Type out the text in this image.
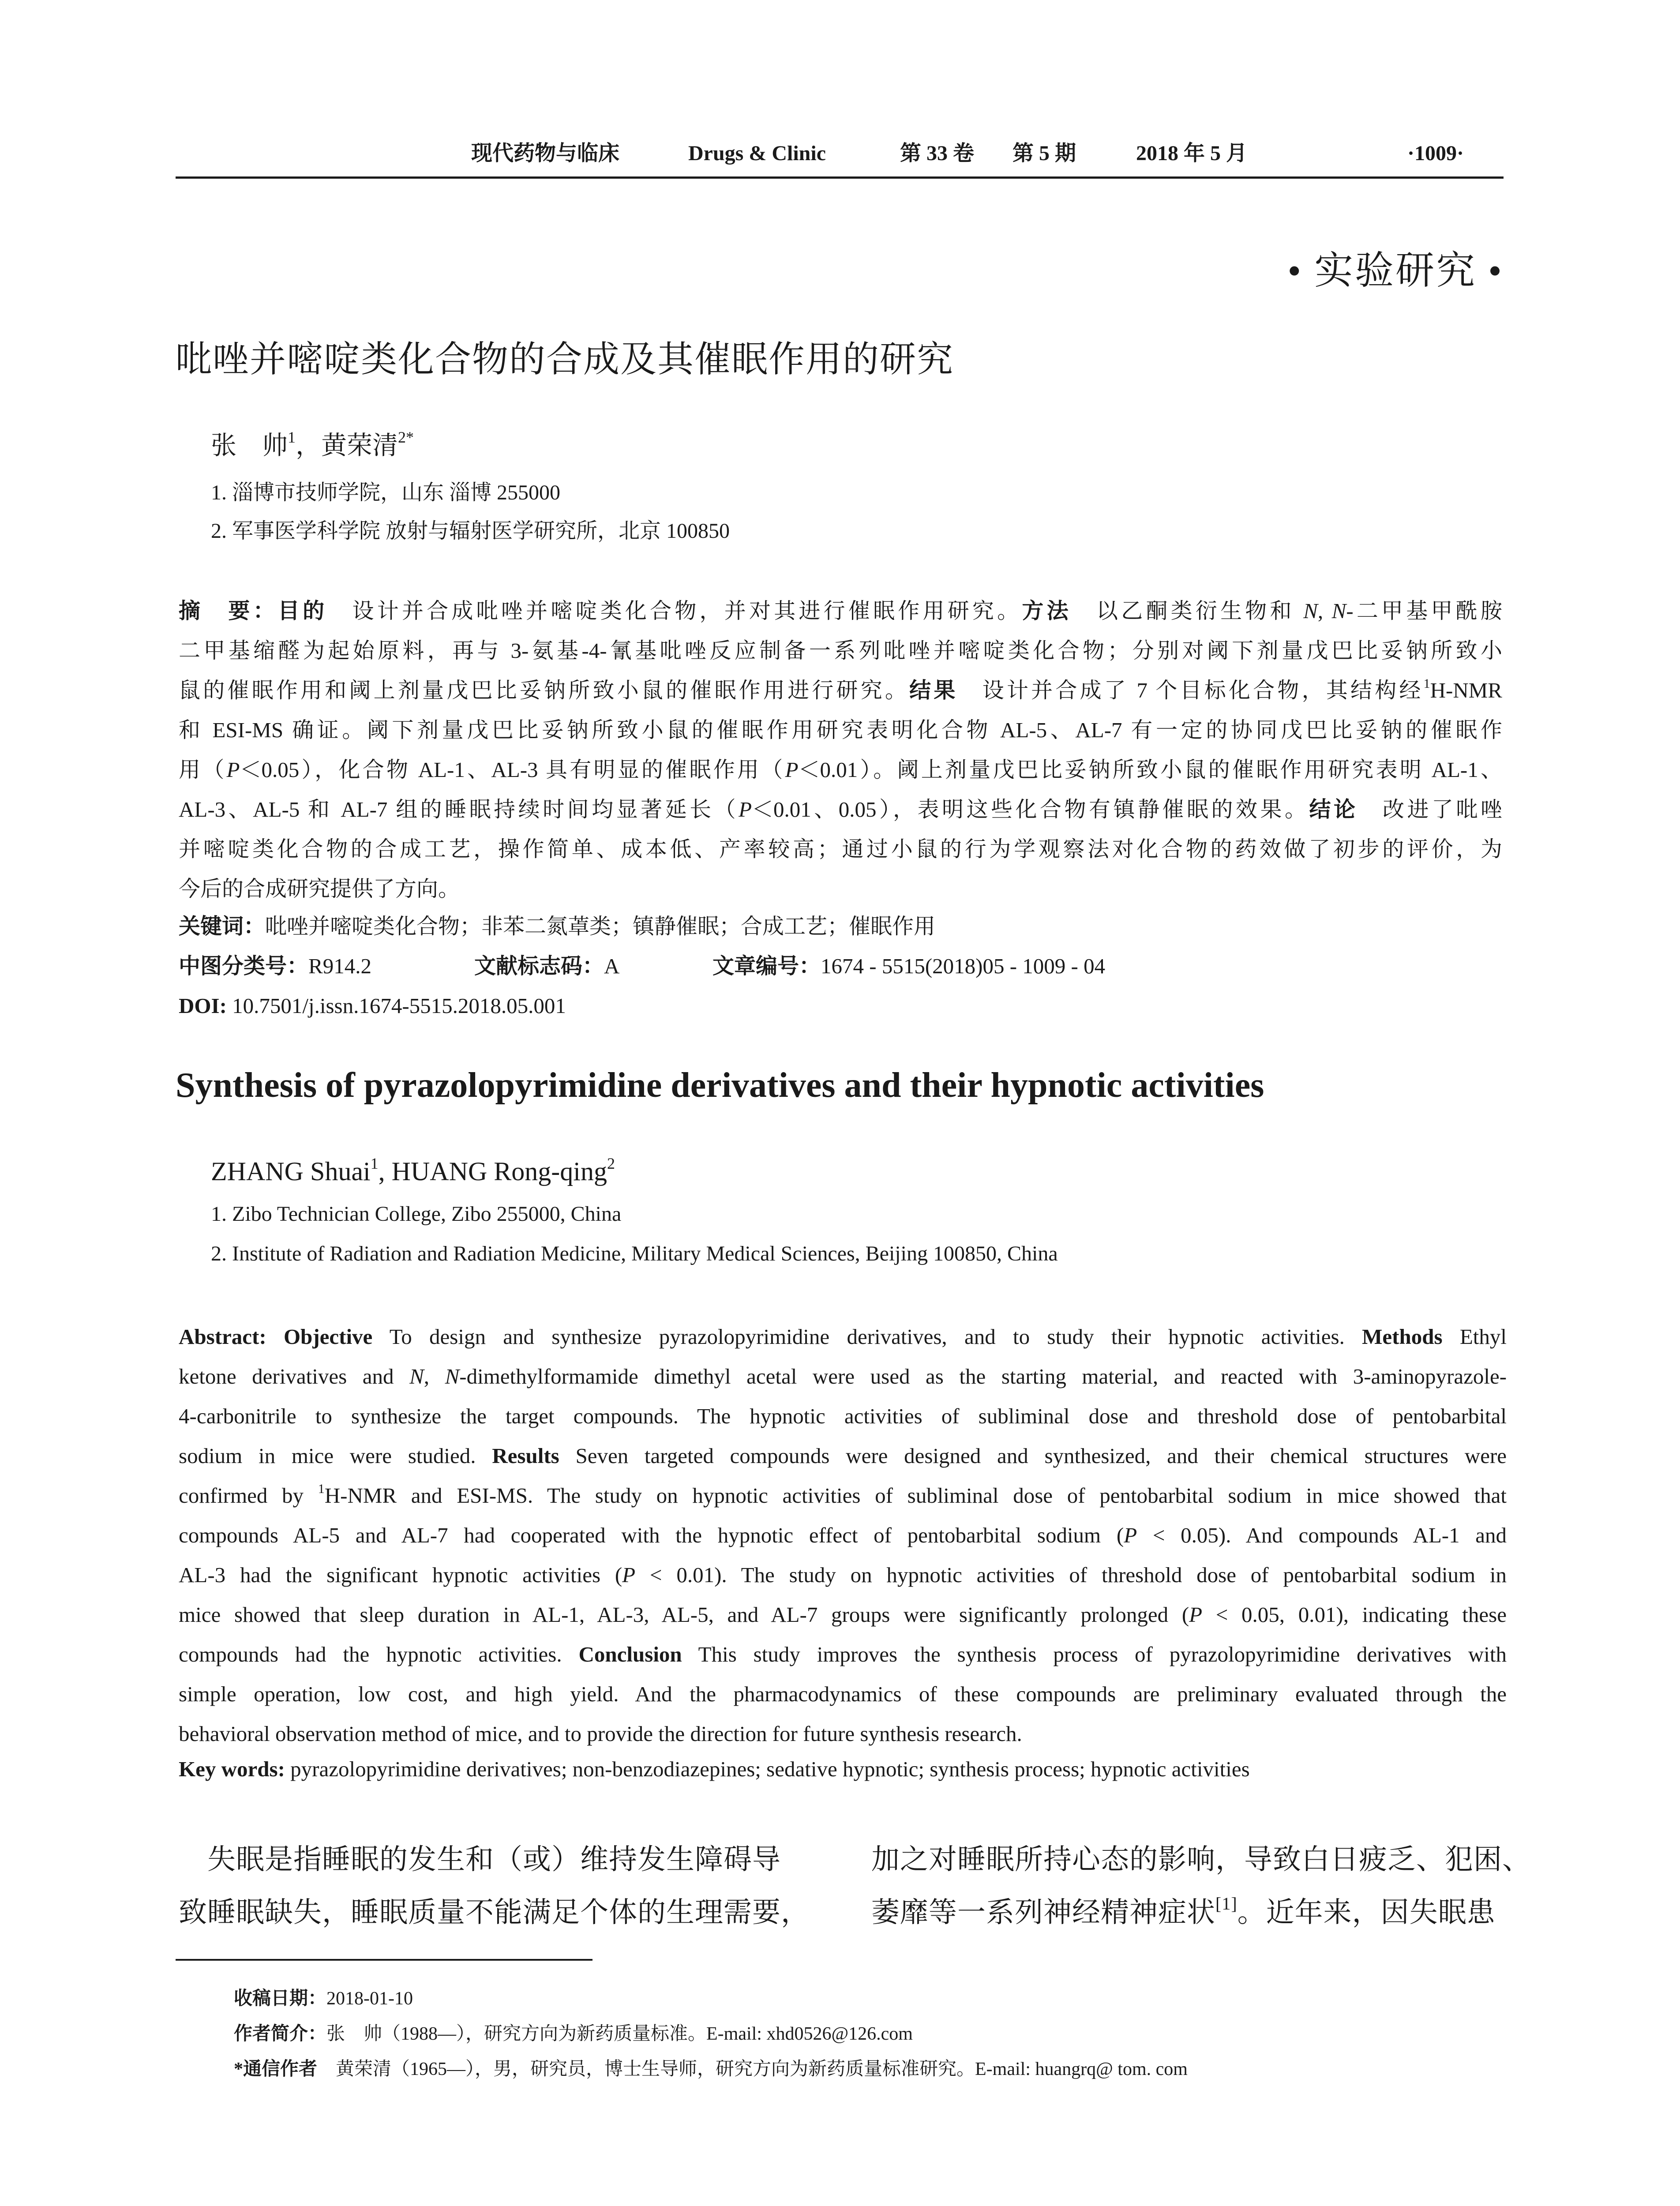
现代药物与临床	Drugs & Clinic	第 33 卷 第 5 期	2018 年 5 月	·1009·
• 实验研究 •
吡唑并嘧啶类化合物的合成及其催眠作用的研究
张　帅$^1$，黄荣清$^{2*}$
1. 淄博市技师学院，山东 淄博 255000
2. 军事医学科学院 放射与辐射医学研究所，北京 100850
摘　要：目的　 设计并合成吡唑并嘧啶类化合物，并对其进行催眠作用研究。方法　 以乙酮类衍生物和 N, N-二甲基甲酰胺
二甲基缩醛为起始原料，再与 3-氨基-4-氰基吡唑反应制备一系列吡唑并嘧啶类化合物；分别对阈下剂量戊巴比妥钠所致小
鼠的催眠作用和阈上剂量戊巴比妥钠所致小鼠的催眠作用进行研究。结果　 设计并合成了 7 个目标化合物，其结构经$^1$H-NMR
和 ESI-MS 确证。阈下剂量戊巴比妥钠所致小鼠的催眠作用研究表明化合物 AL-5、AL-7 有一定的协同戊巴比妥钠的催眠作
用（P＜0.05），化合物 AL-1、AL-3 具有明显的催眠作用（P＜0.01）。阈上剂量戊巴比妥钠所致小鼠的催眠作用研究表明 AL-1、
AL-3、AL-5 和 AL-7 组的睡眠持续时间均显著延长（P＜0.01、0.05），表明这些化合物有镇静催眠的效果。结论　 改进了吡唑
并嘧啶类化合物的合成工艺，操作简单、成本低、产率较高；通过小鼠的行为学观察法对化合物的药效做了初步的评价，为
今后的合成研究提供了方向。
关键词：吡唑并嘧啶类化合物；非苯二氮䓬类；镇静催眠；合成工艺；催眠作用
中图分类号：R914.2	文献标志码：A	文章编号：1674 - 5515(2018)05 - 1009 - 04
DOI: 10.7501/j.issn.1674-5515.2018.05.001
Synthesis of pyrazolopyrimidine derivatives and their hypnotic activities
ZHANG Shuai$^1$, HUANG Rong-qing$^2$
1. Zibo Technician College, Zibo 255000, China
2. Institute of Radiation and Radiation Medicine, Military Medical Sciences, Beijing 100850, China
Abstract: Objective To design and synthesize pyrazolopyrimidine derivatives, and to study their hypnotic activities. Methods Ethyl
ketone derivatives and N, N-dimethylformamide dimethyl acetal were used as the starting material, and reacted with 3-aminopyrazole-
4-carbonitrile to synthesize the target compounds. The hypnotic activities of subliminal dose and threshold dose of pentobarbital
sodium in mice were studied. Results Seven targeted compounds were designed and synthesized, and their chemical structures were
confirmed by $^1$H-NMR and ESI-MS. The study on hypnotic activities of subliminal dose of pentobarbital sodium in mice showed that
compounds AL-5 and AL-7 had cooperated with the hypnotic effect of pentobarbital sodium (P < 0.05). And compounds AL-1 and
AL-3 had the significant hypnotic activities (P < 0.01). The study on hypnotic activities of threshold dose of pentobarbital sodium in
mice showed that sleep duration in AL-1, AL-3, AL-5, and AL-7 groups were significantly prolonged (P < 0.05, 0.01), indicating these
compounds had the hypnotic activities. Conclusion This study improves the synthesis process of pyrazolopyrimidine derivatives with
simple operation, low cost, and high yield. And the pharmacodynamics of these compounds are preliminary evaluated through the
behavioral observation method of mice, and to provide the direction for future synthesis research.
Key words: pyrazolopyrimidine derivatives; non-benzodiazepines; sedative hypnotic; synthesis process; hypnotic activities
　失眠是指睡眠的发生和（或）维持发生障碍导
致睡眠缺失，睡眠质量不能满足个体的生理需要，
加之对睡眠所持心态的影响，导致白日疲乏、犯困、
萎靡等一系列神经精神症状[1]。近年来，因失眠患
收稿日期：2018-01-10
作者简介：张　帅（1988—），研究方向为新药质量标准。E-mail: xhd0526@126.com
*通信作者　黄荣清（1965—），男，研究员，博士生导师，研究方向为新药质量标准研究。E-mail: huangrq@ tom. com
